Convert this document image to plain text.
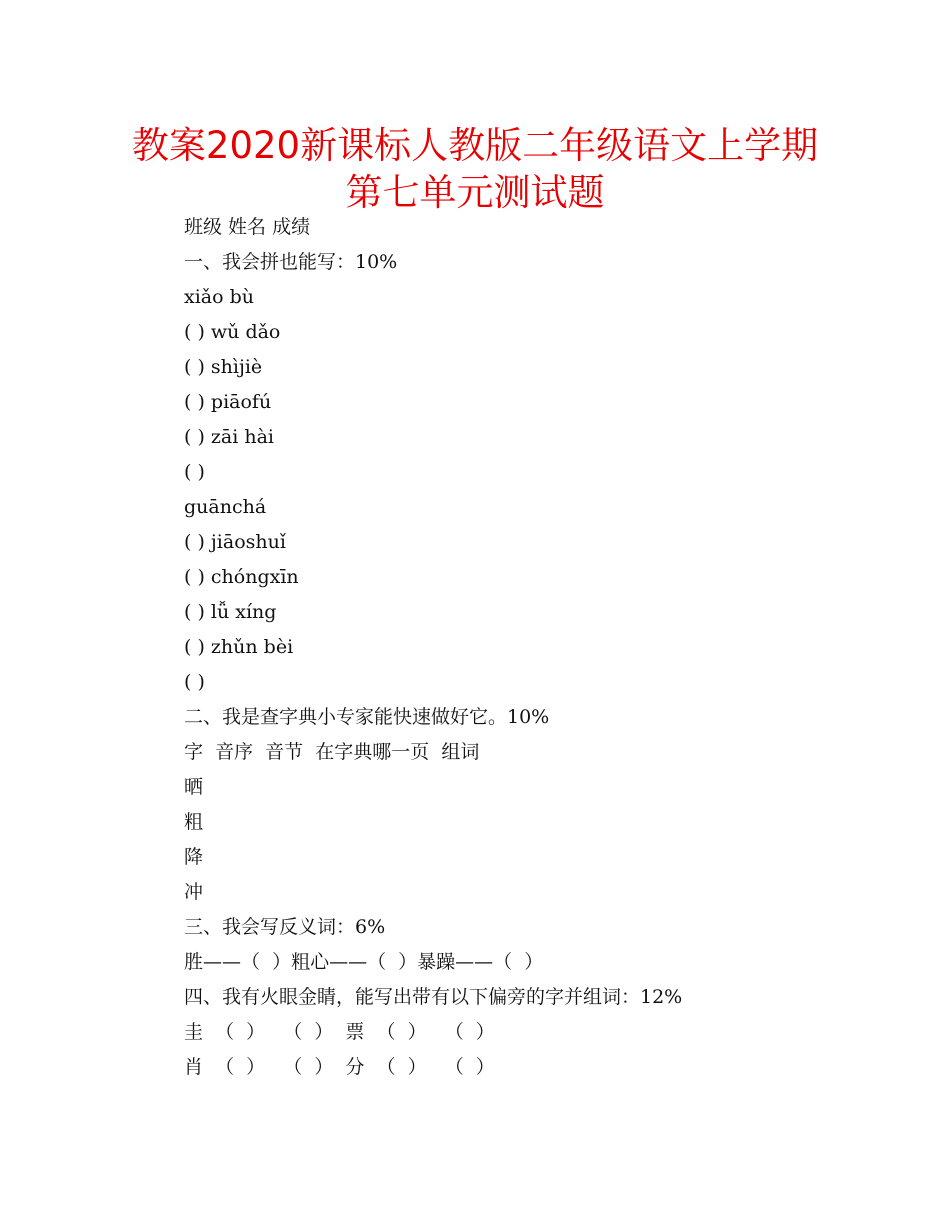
教案2020新课标人教版二年级语文上学期
第七单元测试题
班级 姓名 成绩
一、我会拼也能写：10%
xiǎo bù
( ) wǔ dǎo
( ) shìjiè
( ) piāofú
( ) zāi hài
( )
guānchá
( ) jiāoshuǐ
( ) chóngxīn
( ) lǚ xíng
( ) zhǔn bèi
( )
二、我是查字典小专家能快速做好它。10%
字  音序  音节  在字典哪一页  组词
晒
粗
降
冲
三、我会写反义词：6%
胜——（  ）粗心——（  ）暴躁——（  ）
四、我有火眼金睛，能写出带有以下偏旁的字并组词：12%
圭  （  ）   （  ）  票  （  ）   （  ）
肖  （  ）   （  ）  分  （  ）   （  ）
